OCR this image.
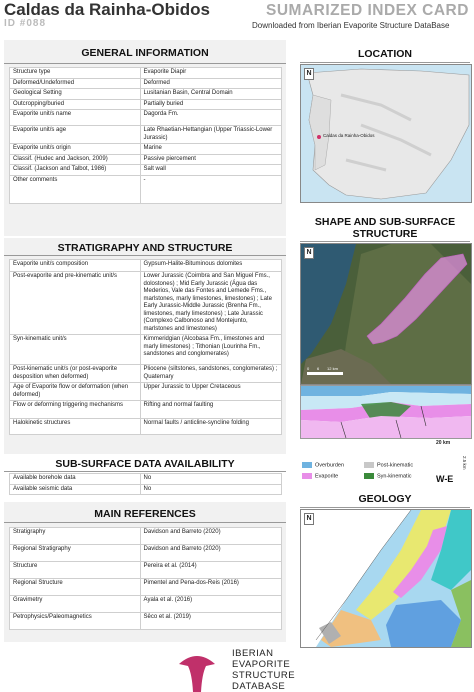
Caldas da Rainha-Obidos
ID #088
SUMARIZED INDEX CARD
Downloaded from Iberian Evaporite Structure DataBase
GENERAL INFORMATION
Structure type	Evaporite Diapir
Deformed/Undeformed	Deformed
Geological Setting	Lusitanian Basin, Central Domain
Outcropping/buried	Partially buried
Evaporite unit/s name	Dagorda Fm.
Evaporite unit/s age	Late Rhaetian-Hettangian (Upper Triassic-Lower Jurassic)
Evaporite unit/s origin	Marine
Classif. (Hudec and Jackson, 2009)	Passive piercement
Classif. (Jackson and Talbot, 1986)	Salt wall
Other comments	-
STRATIGRAPHY AND STRUCTURE
Evaporite unit/s composition	Gypsum-Halite-Bituminous dolomites
Post-evaporite and pre-kinematic unit/s	Lower Jurassic (Coimbra and San Miguel Fms., dolostones) ; Mid Early Jurassic (Água das Mederios, Vale das Fontes and Lemede Fms., marlstones, marly limestones, limestones) ; Late Early Jurassic-Middle Jurassic (Brenha Fm., limestones, marly limestones) ; Late Jurassic (Complexo Calbonoso and Montejunto, marlstones and limestones)
Syn-kinematic unit/s	Kimmeridgian (Alcobasa Fm., limestones and marly limestones) ; Tithonian (Lourinha Fm., sandstones and conglomerates)
Post-kinematic unit/s (or post-evaporite desposition when deformed)	Pliocene (siltstones, sandstones, conglomerates) ; Quaternary
Age of Evaporite flow or deformation (when deformed)	Upper Jurassic to Upper Cretaceous
Flow or deforming triggering mechanisms	Rifting and normal faulting
Halokinetic structures	Normal faults / anticline-syncline folding
SUB-SURFACE DATA AVAILABILITY
Available borehole data	No
Available seismic data	No
MAIN REFERENCES
Stratigraphy	Davidson and Barreto (2020)
Regional Stratigraphy	Davidson and Barreto (2020)
Structure	Pereira et al. (2014)
Regional Structure	Pimentel and Pena-dos-Reis (2016)
Gravimetry	Ayala et al. (2016)
Petrophysics/Paleomagnetics	Sêco et al. (2019)
LOCATION
N
Caldas da Rainha-Obidos
SHAPE AND SUB-SURFACE
STRUCTURE
N
0 6 12 km
20 km
2.5 km
W-E
Overburden	Post-kinematic
Evaporite	Syn-kinematic
GEOLOGY
N
IBERIAN
EVAPORITE
STRUCTURE
DATABASE
